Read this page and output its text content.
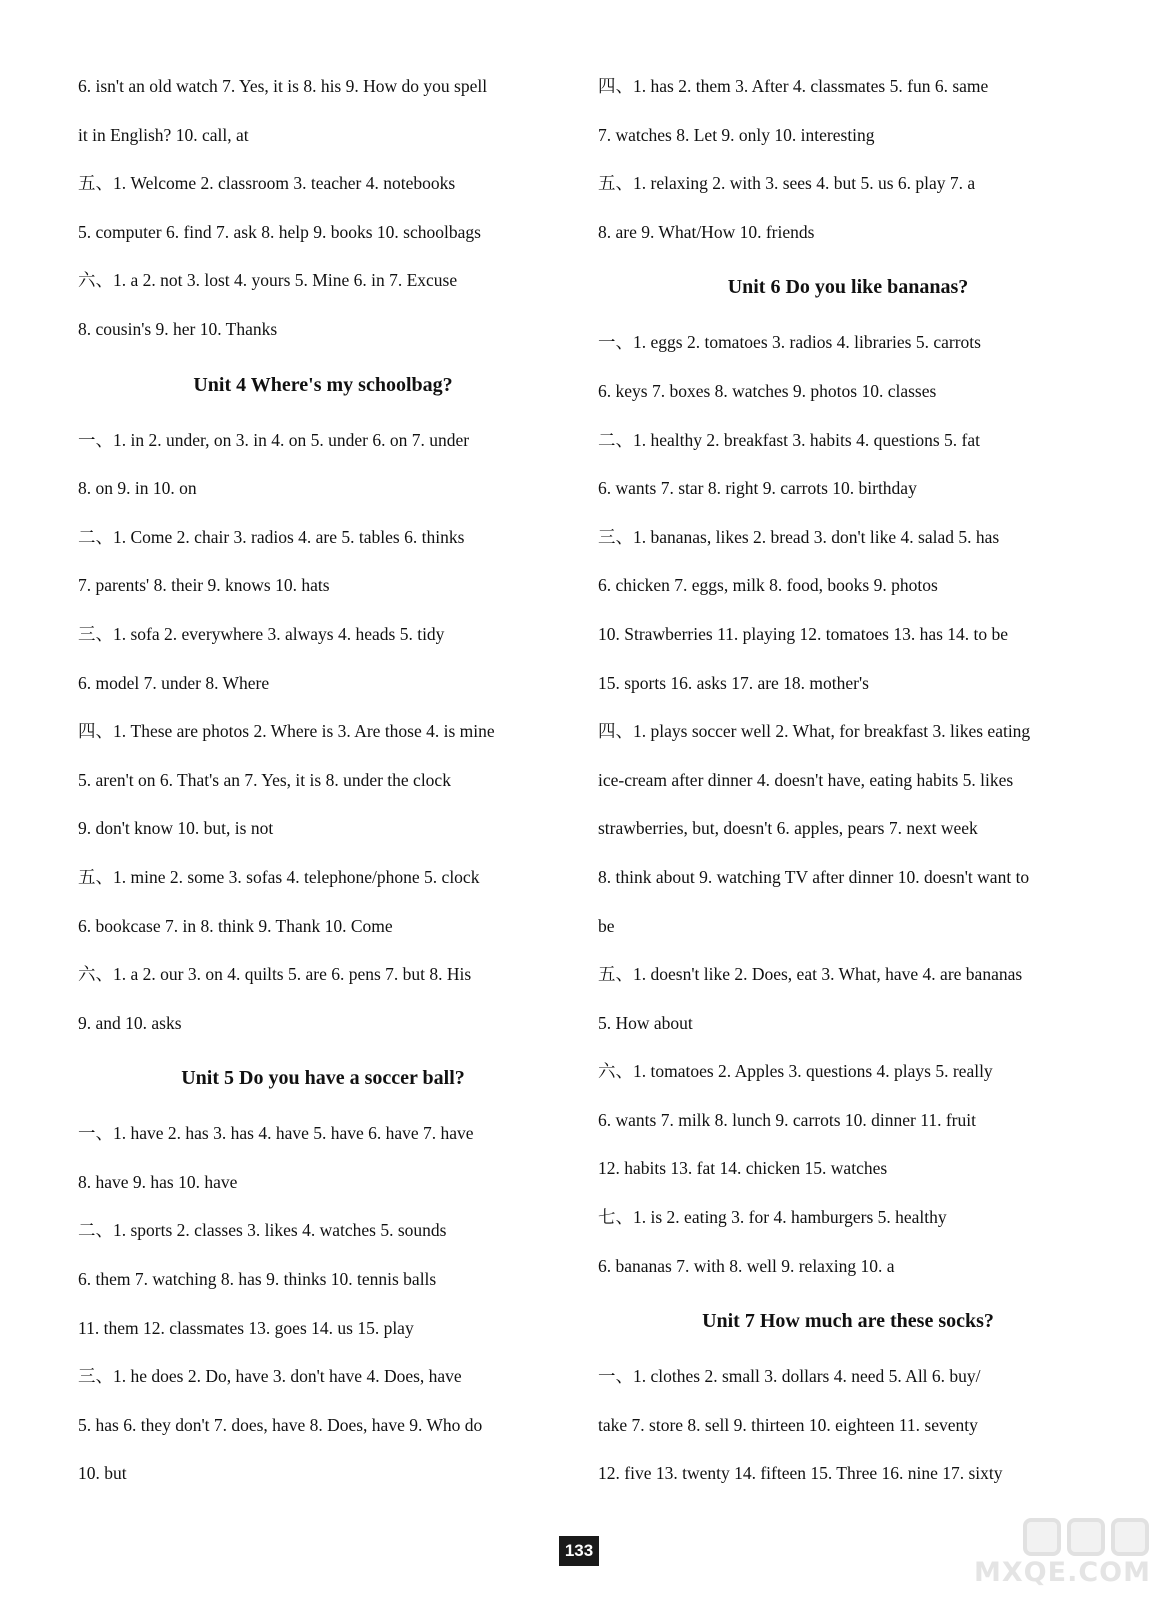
6. isn't an old watch 7. Yes, it is 8. his 9. How do you spell
it in English? 10. call, at
五、1. Welcome 2. classroom 3. teacher 4. notebooks
5. computer 6. find 7. ask 8. help 9. books 10. schoolbags
六、1. a 2. not 3. lost 4. yours 5. Mine 6. in 7. Excuse
8. cousin's 9. her 10. Thanks
Unit 4 Where's my schoolbag?
一、1. in 2. under, on 3. in 4. on 5. under 6. on 7. under
8. on 9. in 10. on
二、1. Come 2. chair 3. radios 4. are 5. tables 6. thinks
7. parents' 8. their 9. knows 10. hats
三、1. sofa 2. everywhere 3. always 4. heads 5. tidy
6. model 7. under 8. Where
四、1. These are photos 2. Where is 3. Are those 4. is mine
5. aren't on 6. That's an 7. Yes, it is 8. under the clock
9. don't know 10. but, is not
五、1. mine 2. some 3. sofas 4. telephone/phone 5. clock
6. bookcase 7. in 8. think 9. Thank 10. Come
六、1. a 2. our 3. on 4. quilts 5. are 6. pens 7. but 8. His
9. and 10. asks
Unit 5 Do you have a soccer ball?
一、1. have 2. has 3. has 4. have 5. have 6. have 7. have
8. have 9. has 10. have
二、1. sports 2. classes 3. likes 4. watches 5. sounds
6. them 7. watching 8. has 9. thinks 10. tennis balls
11. them 12. classmates 13. goes 14. us 15. play
三、1. he does 2. Do, have 3. don't have 4. Does, have
5. has 6. they don't 7. does, have 8. Does, have 9. Who do
10. but
四、1. has 2. them 3. After 4. classmates 5. fun 6. same
7. watches 8. Let 9. only 10. interesting
五、1. relaxing 2. with 3. sees 4. but 5. us 6. play 7. a
8. are 9. What/How 10. friends
Unit 6 Do you like bananas?
一、1. eggs 2. tomatoes 3. radios 4. libraries 5. carrots
6. keys 7. boxes 8. watches 9. photos 10. classes
二、1. healthy 2. breakfast 3. habits 4. questions 5. fat
6. wants 7. star 8. right 9. carrots 10. birthday
三、1. bananas, likes 2. bread 3. don't like 4. salad 5. has
6. chicken 7. eggs, milk 8. food, books 9. photos
10. Strawberries 11. playing 12. tomatoes 13. has 14. to be
15. sports 16. asks 17. are 18. mother's
四、1. plays soccer well 2. What, for breakfast 3. likes eating
ice-cream after dinner 4. doesn't have, eating habits 5. likes
strawberries, but, doesn't 6. apples, pears 7. next week
8. think about 9. watching TV after dinner 10. doesn't want to
be
五、1. doesn't like 2. Does, eat 3. What, have 4. are bananas
5. How about
六、1. tomatoes 2. Apples 3. questions 4. plays 5. really
6. wants 7. milk 8. lunch 9. carrots 10. dinner 11. fruit
12. habits 13. fat 14. chicken 15. watches
七、1. is 2. eating 3. for 4. hamburgers 5. healthy
6. bananas 7. with 8. well 9. relaxing 10. a
Unit 7 How much are these socks?
一、1. clothes 2. small 3. dollars 4. need 5. All 6. buy/
take 7. store 8. sell 9. thirteen 10. eighteen 11. seventy
12. five 13. twenty 14. fifteen 15. Three 16. nine 17. sixty
133
MXQE.COM
